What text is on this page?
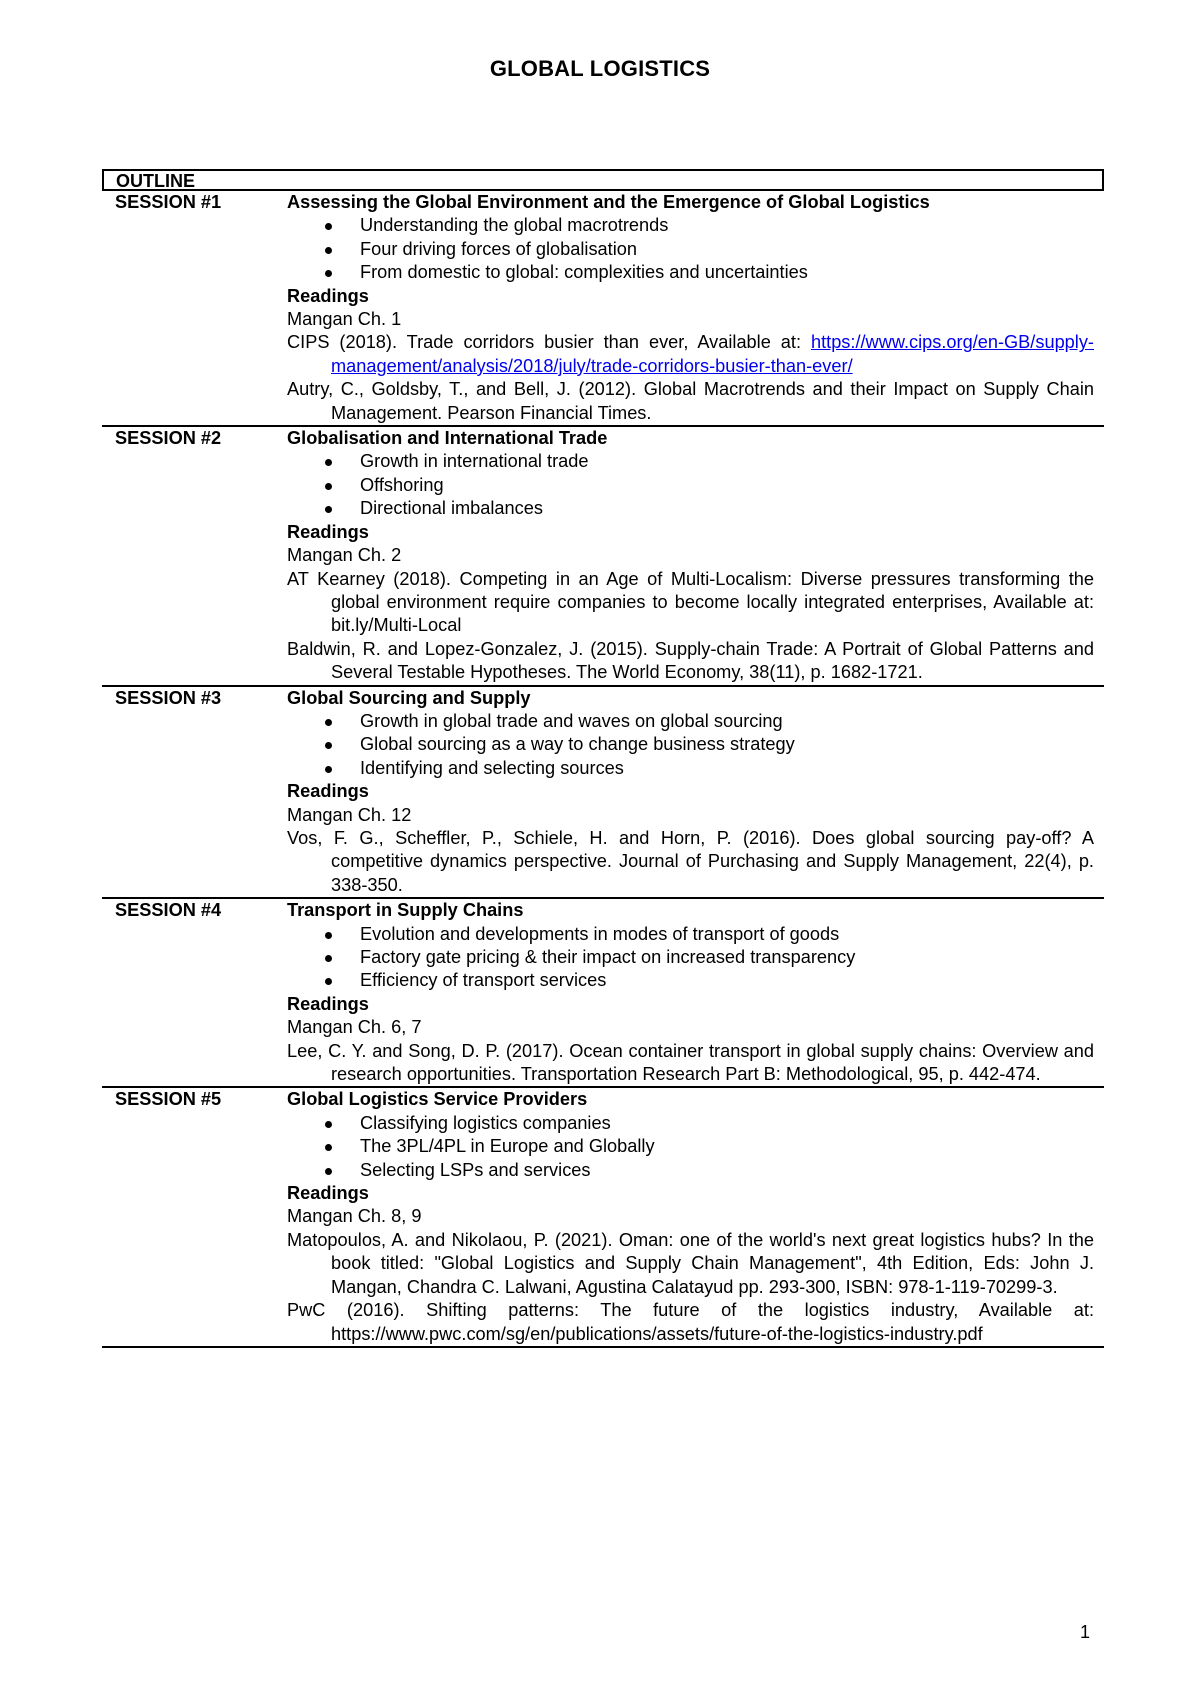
GLOBAL LOGISTICS
OUTLINE
SESSION #1	Assessing the Global Environment and the Emergence of Global Logistics
Understanding the global macrotrends
Four driving forces of globalisation
From domestic to global: complexities and uncertainties
Readings
Mangan Ch. 1
CIPS (2018). Trade corridors busier than ever, Available at: https://www.cips.org/en-GB/supply-management/analysis/2018/july/trade-corridors-busier-than-ever/
Autry, C., Goldsby, T., and Bell, J. (2012). Global Macrotrends and their Impact on Supply Chain Management. Pearson Financial Times.
SESSION #2	Globalisation and International Trade
Growth in international trade
Offshoring
Directional imbalances
Readings
Mangan Ch. 2
AT Kearney (2018). Competing in an Age of Multi-Localism: Diverse pressures transforming the global environment require companies to become locally integrated enterprises, Available at: bit.ly/Multi-Local
Baldwin, R. and Lopez-Gonzalez, J. (2015). Supply-chain Trade: A Portrait of Global Patterns and Several Testable Hypotheses. The World Economy, 38(11), p. 1682-1721.
SESSION #3	Global Sourcing and Supply
Growth in global trade and waves on global sourcing
Global sourcing as a way to change business strategy
Identifying and selecting sources
Readings
Mangan Ch. 12
Vos, F. G., Scheffler, P., Schiele, H. and Horn, P. (2016). Does global sourcing pay-off? A competitive dynamics perspective. Journal of Purchasing and Supply Management, 22(4), p. 338-350.
SESSION #4	Transport in Supply Chains
Evolution and developments in modes of transport of goods
Factory gate pricing & their impact on increased transparency
Efficiency of transport services
Readings
Mangan Ch. 6, 7
Lee, C. Y. and Song, D. P. (2017). Ocean container transport in global supply chains: Overview and research opportunities. Transportation Research Part B: Methodological, 95, p. 442-474.
SESSION #5	Global Logistics Service Providers
Classifying logistics companies
The 3PL/4PL in Europe and Globally
Selecting LSPs and services
Readings
Mangan Ch. 8, 9
Matopoulos, A. and Nikolaou, P. (2021). Oman: one of the world's next great logistics hubs? In the book titled: "Global Logistics and Supply Chain Management", 4th Edition, Eds: John J. Mangan, Chandra C. Lalwani, Agustina Calatayud pp. 293-300, ISBN: 978-1-119-70299-3.
PwC (2016). Shifting patterns: The future of the logistics industry, Available at: https://www.pwc.com/sg/en/publications/assets/future-of-the-logistics-industry.pdf
1
